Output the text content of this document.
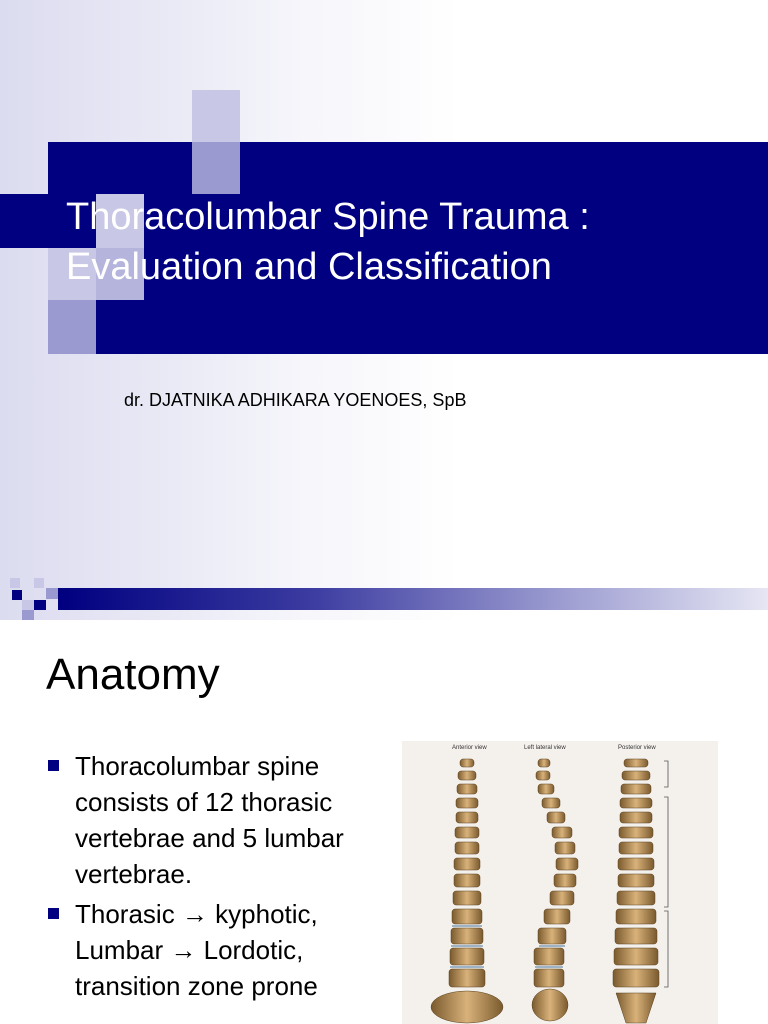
Thoracolumbar Spine Trauma :
Evaluation and Classification
dr. DJATNIKA ADHIKARA YOENOES, SpB
Anatomy
Thoracolumbar spine consists of 12 thorasic vertebrae and 5 lumbar vertebrae.
Thorasic → kyphotic, Lumbar → Lordotic, transition zone prone
Anterior view	Left lateral view	Posterior view
